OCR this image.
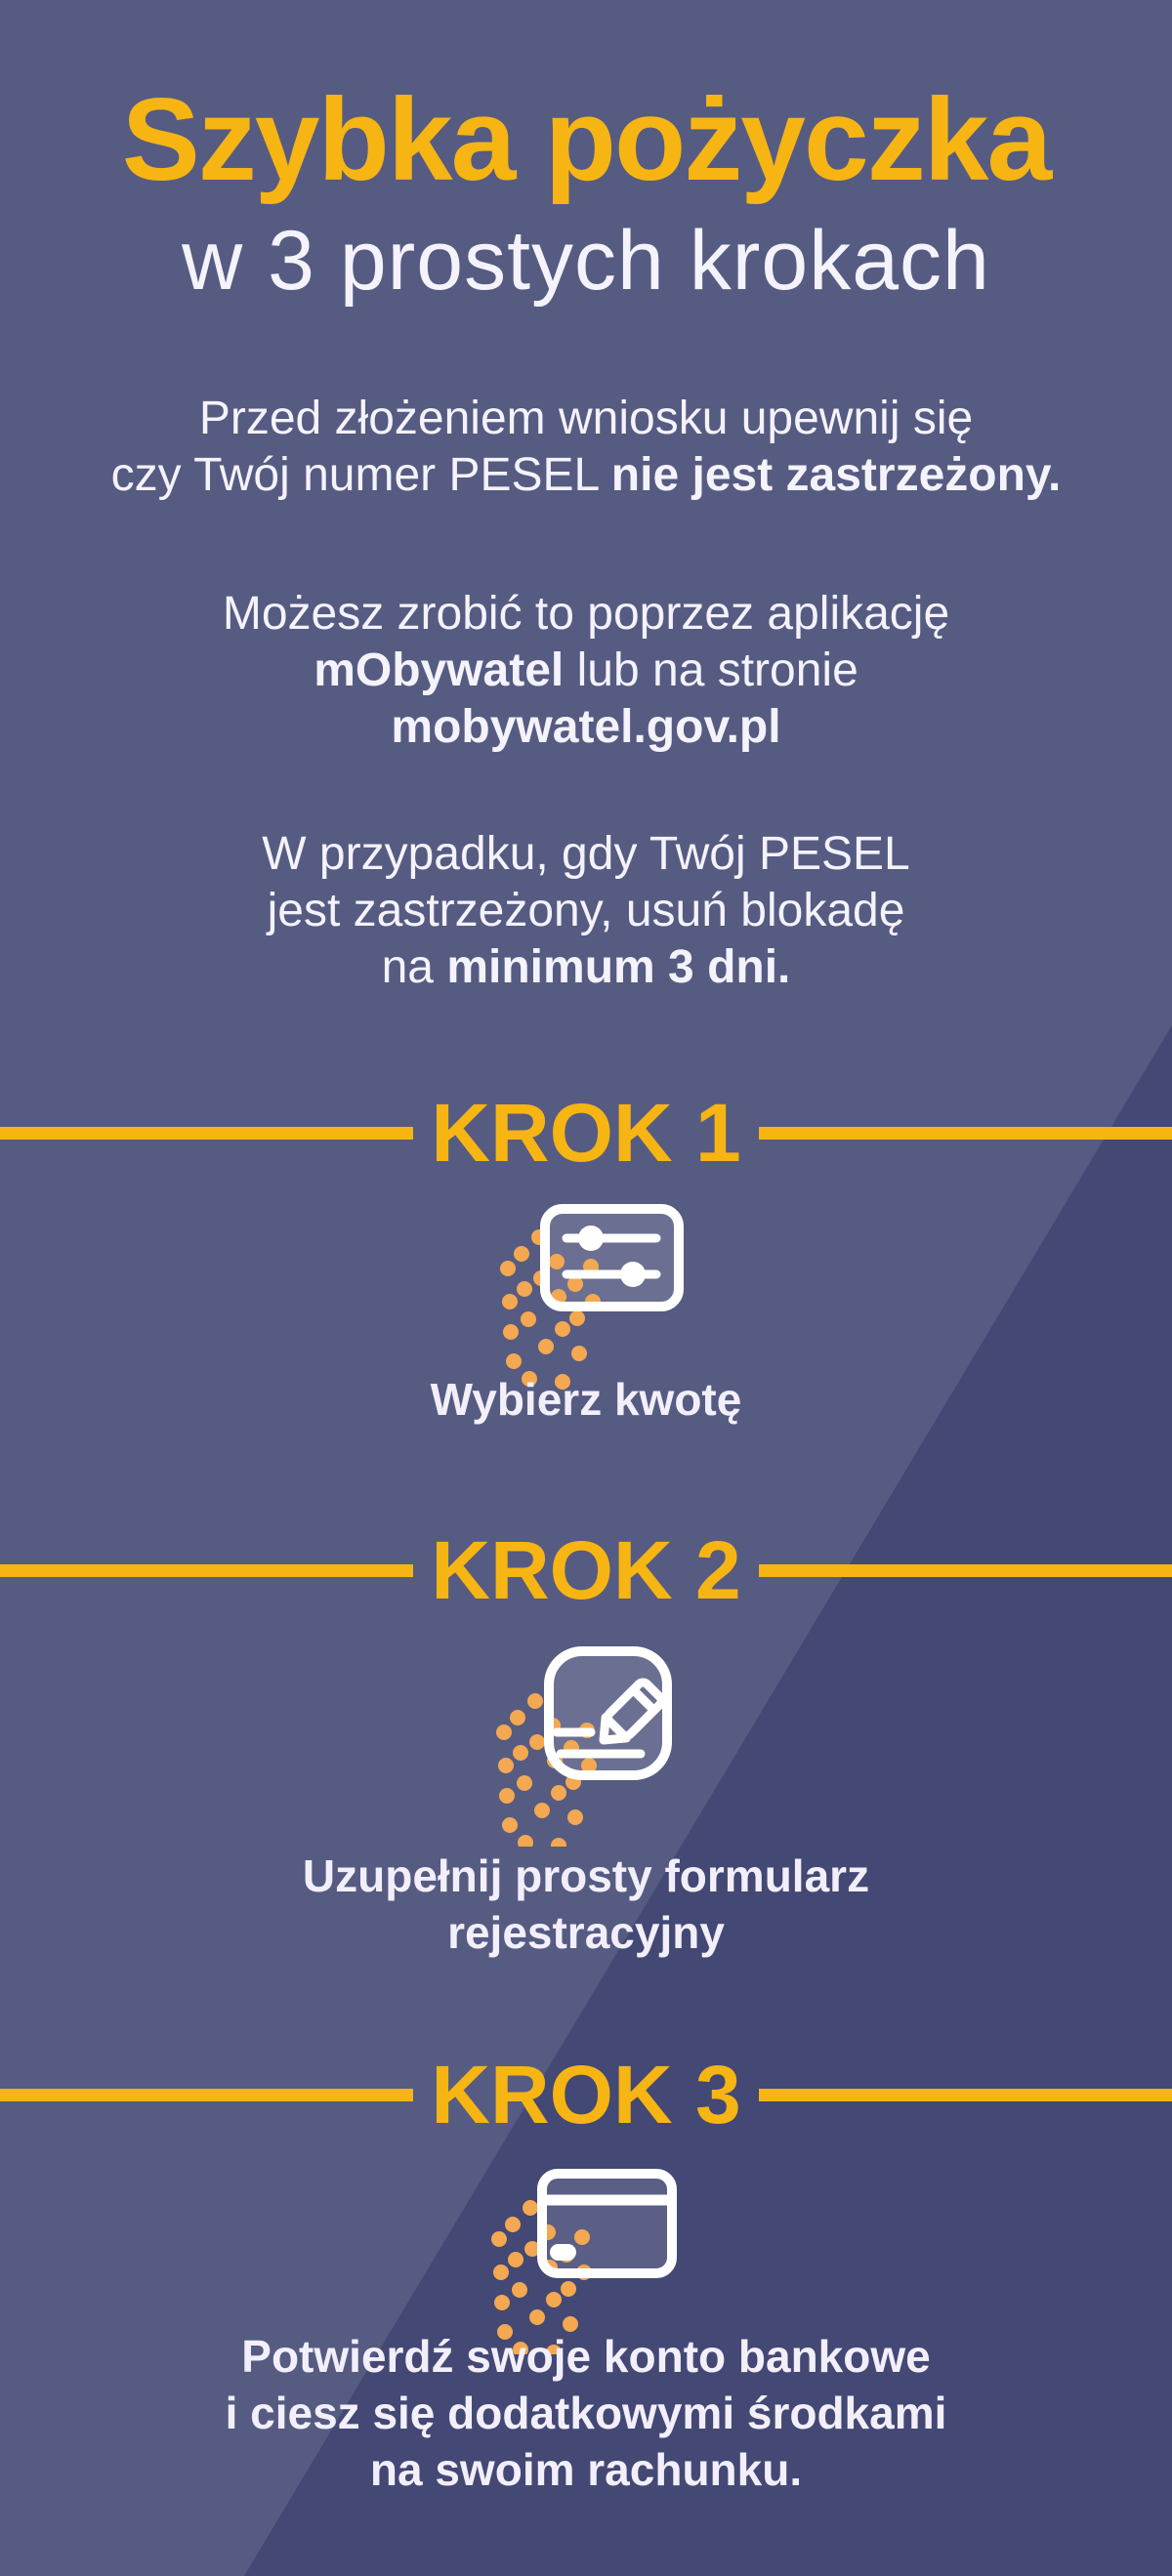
Szybka pożyczka
w 3 prostych krokach
Przed złożeniem wniosku upewnij się
czy Twój numer PESEL nie jest zastrzeżony.
Możesz zrobić to poprzez aplikację
mObywatel lub na stronie
mobywatel.gov.pl
W przypadku, gdy Twój PESEL
jest zastrzeżony, usuń blokadę
na minimum 3 dni.
KROK 1
Wybierz kwotę
KROK 2
Uzupełnij prosty formularz
rejestracyjny
KROK 3
Potwierdź swoje konto bankowe
i ciesz się dodatkowymi środkami
na swoim rachunku.
